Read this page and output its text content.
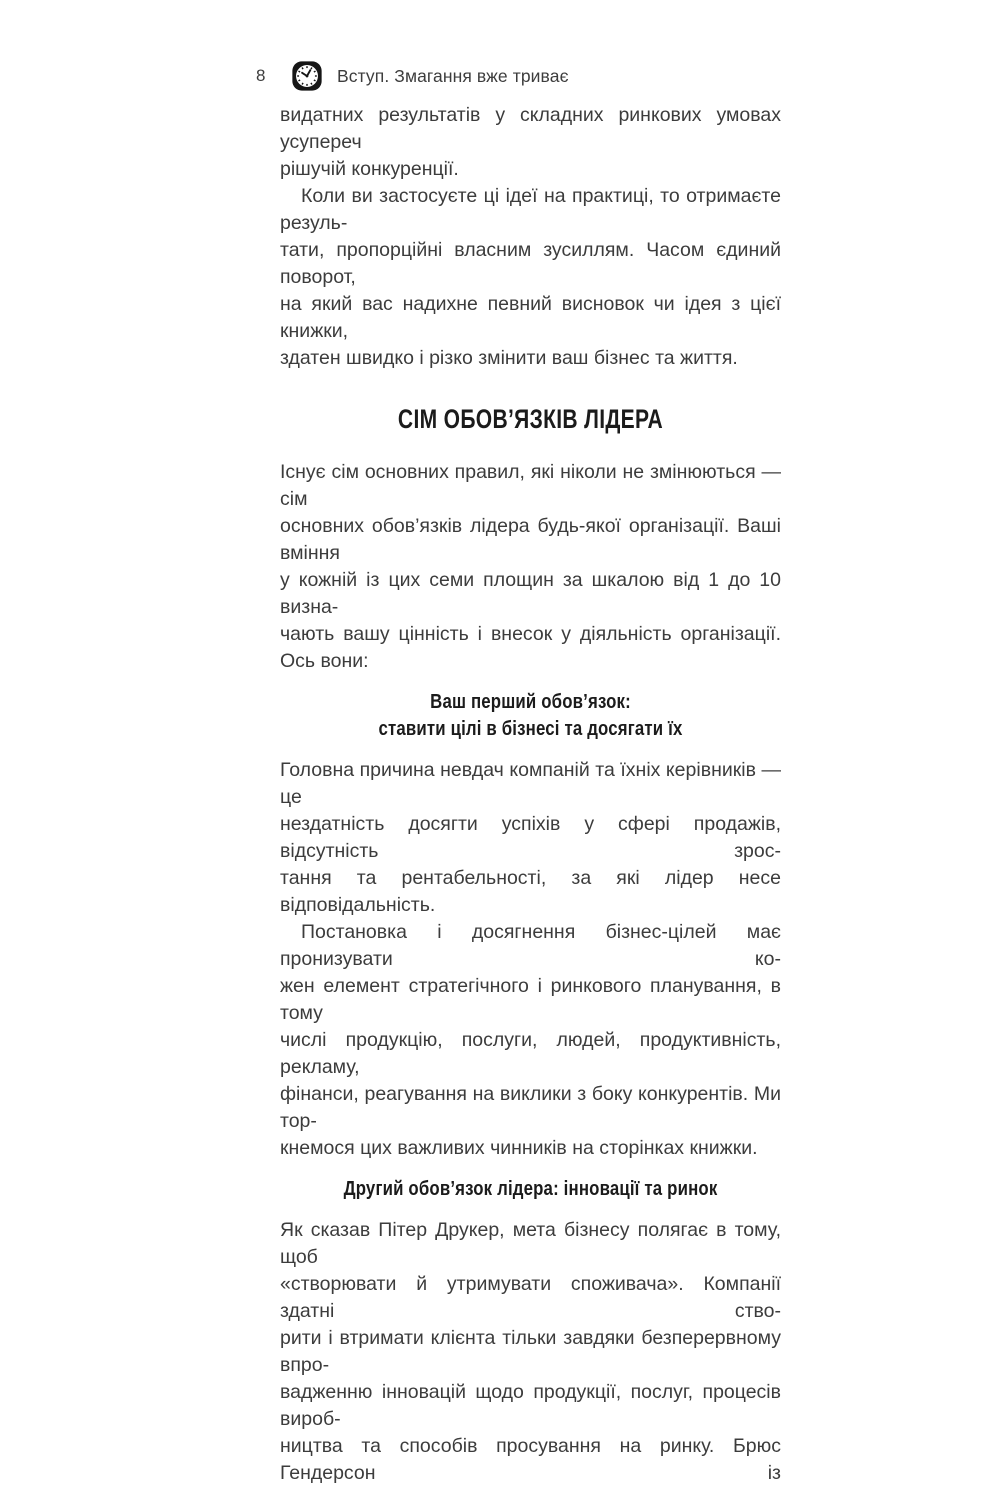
8	Вступ. Змагання вже триває
видатних результатів у складних ринкових умовах усупереч
рішучій конкуренції.
Коли ви застосуєте ці ідеї на практиці, то отримаєте резуль-
тати, пропорційні власним зусиллям. Часом єдиний поворот,
на який вас надихне певний висновок чи ідея з цієї книжки,
здатен швидко і різко змінити ваш бізнес та життя.
СІМ ОБОВ’ЯЗКІВ ЛІДЕРА
Існує сім основних правил, які ніколи не змінюються — сім
основних обов’язків лідера будь-якої організації. Ваші вміння
у кожній із цих семи площин за шкалою від 1 до 10 визна-
чають вашу цінність і внесок у діяльність організації. Ось вони:
Ваш перший обов’язок:
ставити цілі в бізнесі та досягати їх
Головна причина невдач компаній та їхніх керівників — це
нездатність досягти успіхів у сфері продажів, відсутність зрос-
тання та рентабельності, за які лідер несе відповідальність.
Постановка і досягнення бізнес-цілей має пронизувати ко-
жен елемент стратегічного і ринкового планування, в тому
числі продукцію, послуги, людей, продуктивність, рекламу,
фінанси, реагування на виклики з боку конкурентів. Ми тор-
кнемося цих важливих чинників на сторінках книжки.
Другий обов’язок лідера: інновації та ринок
Як сказав Пітер Друкер, мета бізнесу полягає в тому, щоб
«створювати й утримувати споживача». Компанії здатні ство-
рити і втримати клієнта тільки завдяки безперервному впро-
вадженню інновацій щодо продукції, послуг, процесів вироб-
ництва та способів просування на ринку. Брюс Гендерсон із
